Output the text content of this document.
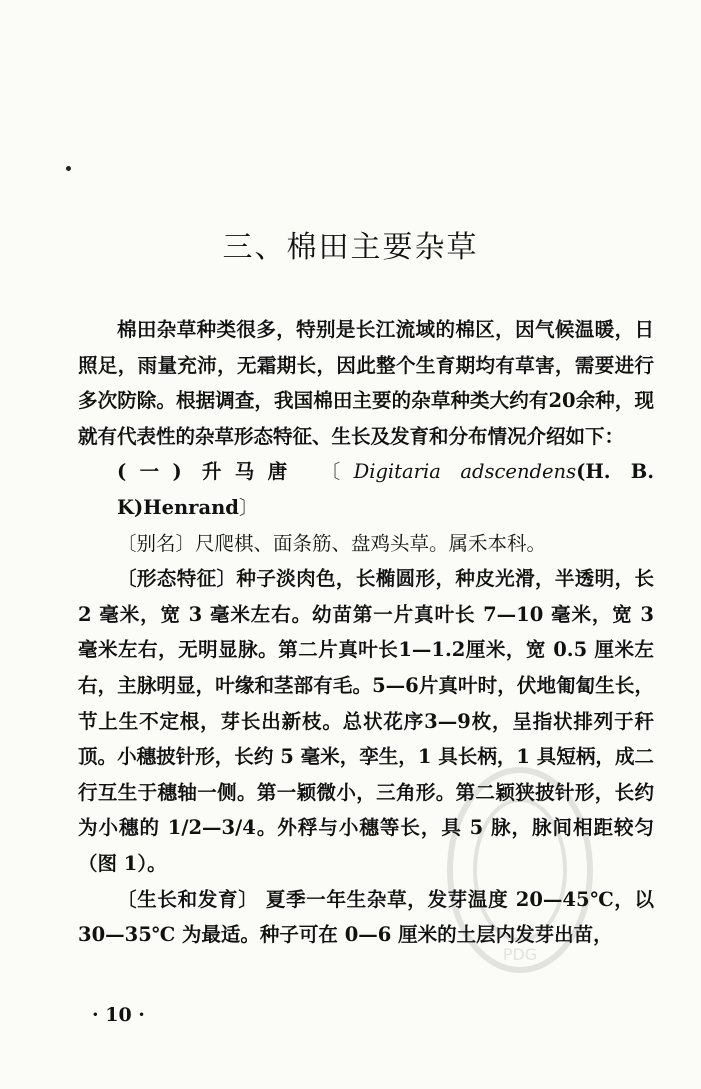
三、棉田主要杂草

棉田杂草种类很多，特别是长江流域的棉区，因气候温暖，日照足，雨量充沛，无霜期长，因此整个生育期均有草害，需要进行多次防除。根据调查，我国棉田主要的杂草种类大约有20余种，现就有代表性的杂草形态特征、生长及发育和分布情况介绍如下：

(一) 升马唐 〔Digitaria adscendens(H. B. K)Henrand〕

〔别名〕尺爬棋、面条筋、盘鸡头草。属禾本科。

〔形态特征〕种子淡肉色，长椭圆形，种皮光滑，半透明，长 2 毫米，宽 3 毫米左右。幼苗第一片真叶长 7—10 毫米，宽 3 毫米左右，无明显脉。第二片真叶长1—1.2厘米，宽 0.5 厘米左右，主脉明显，叶缘和茎部有毛。5—6片真叶时，伏地匍匐生长，节上生不定根，芽长出新枝。总状花序3—9枚，呈指状排列于秆顶。小穗披针形，长约 5 毫米，孪生，1 具长柄，1 具短柄，成二行互生于穗轴一侧。第一颖微小，三角形。第二颖狭披针形，长约为小穗的 1/2—3/4。外稃与小穗等长，具 5 脉，脉间相距较匀（图 1）。

〔生长和发育〕 夏季一年生杂草，发芽温度 20—45℃，以 30—35℃ 为最适。种子可在 0—6 厘米的土层内发芽出苗，

· 10 ·
PDG
